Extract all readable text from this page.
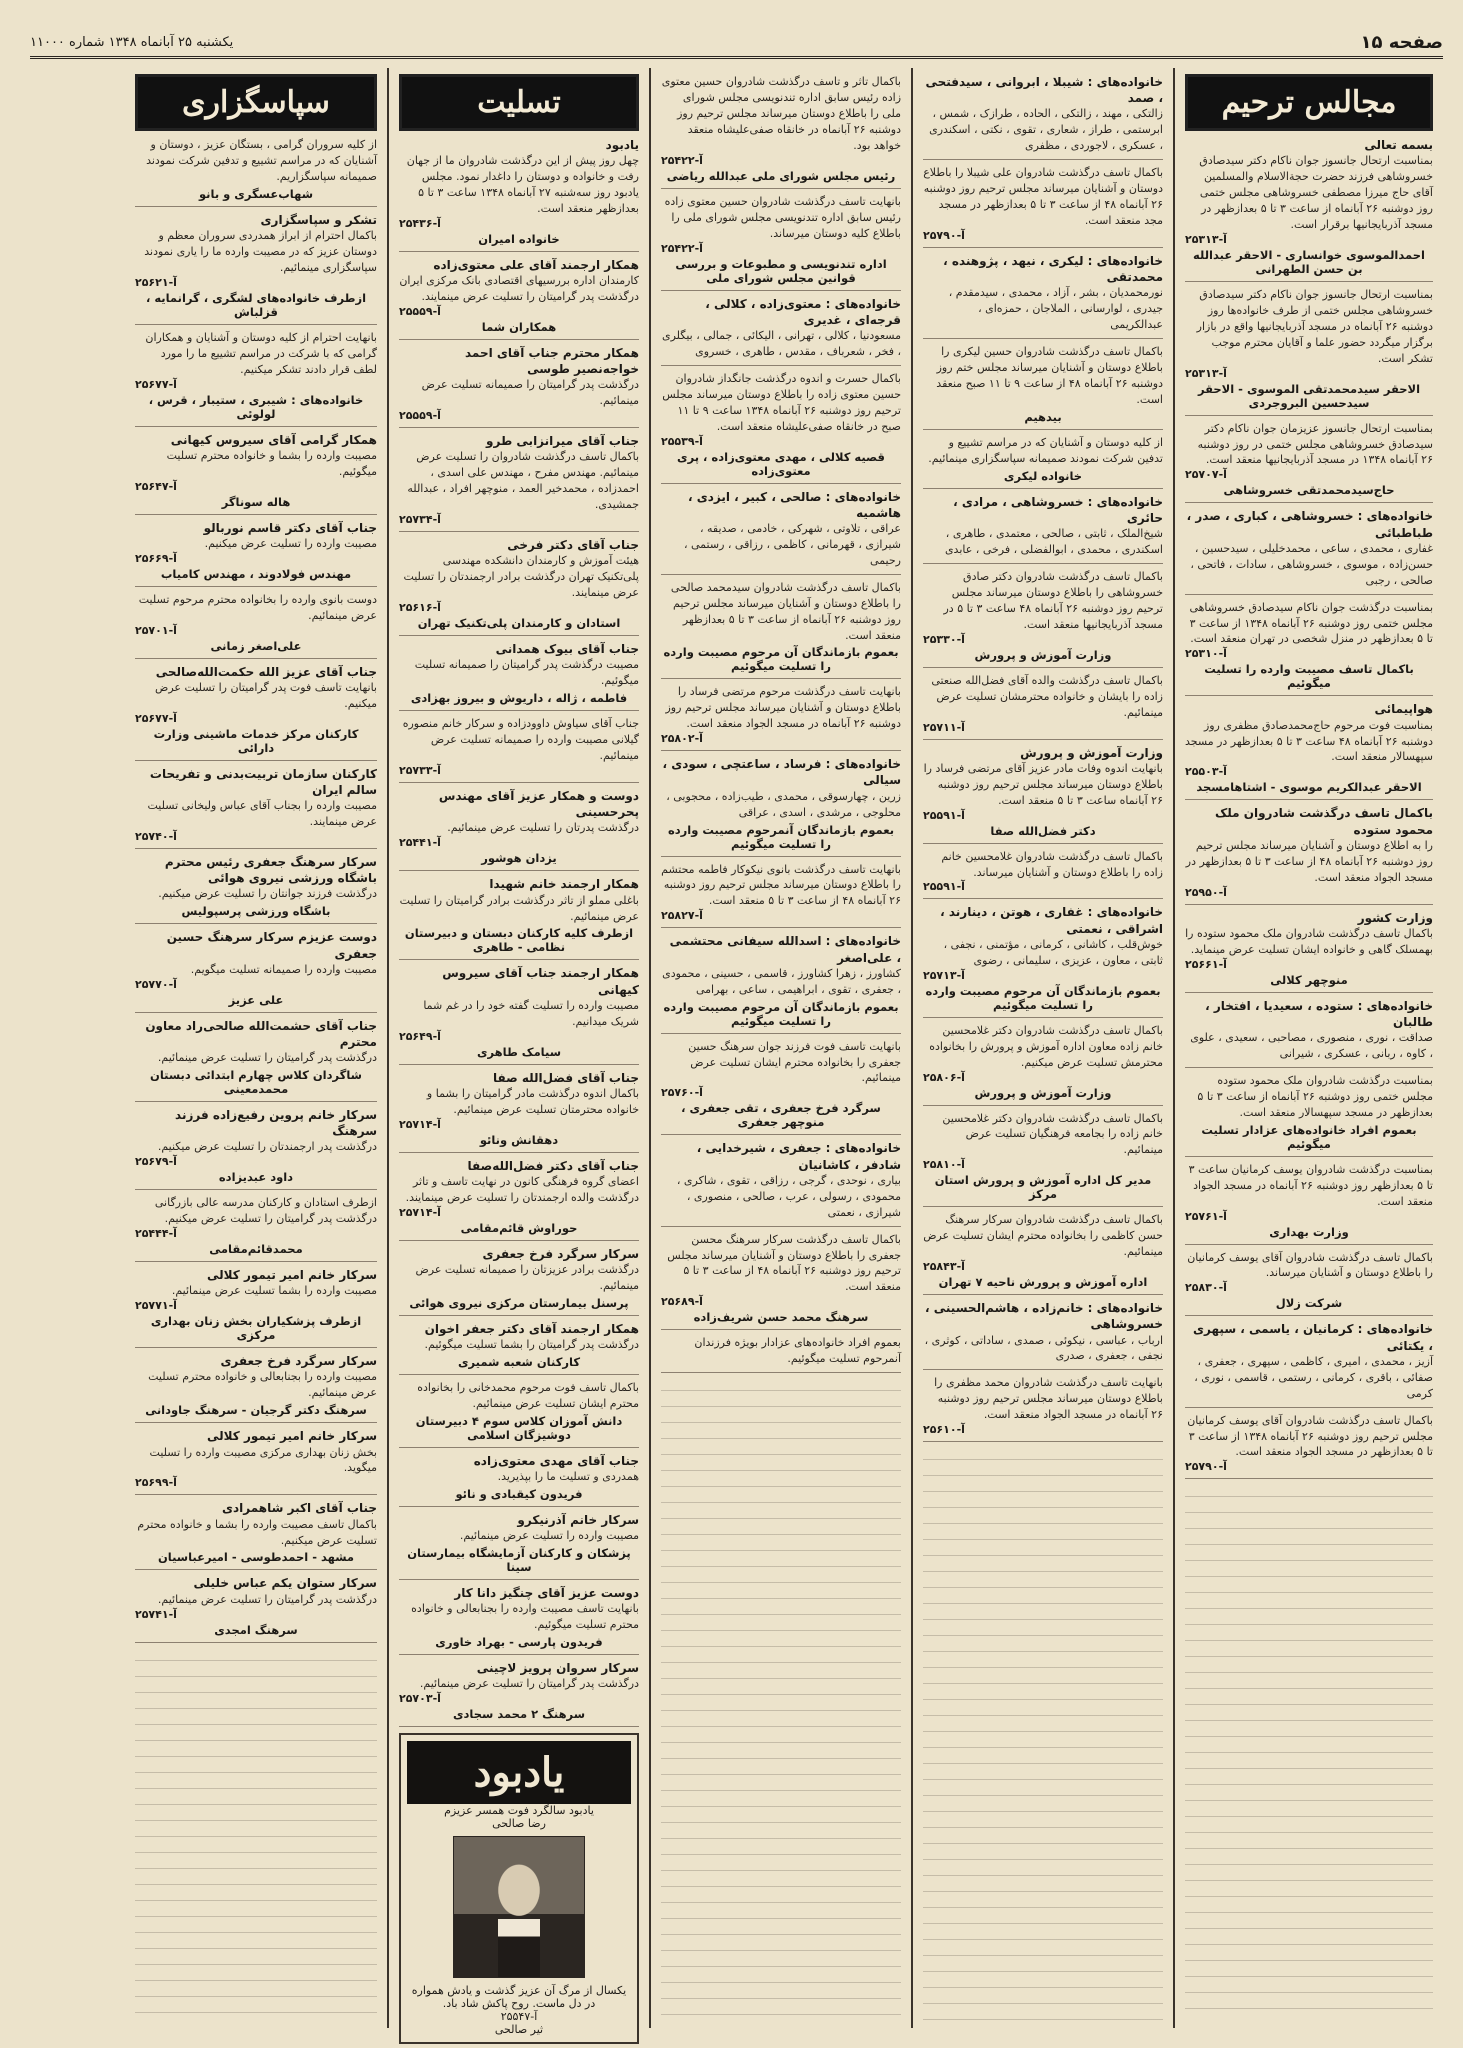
صفحه ۱۵
یکشنبه ۲۵ آبانماه ۱۳۴۸ شماره ۱۱۰۰۰
مجالس ترحیم
بسمه تعالی
بمناسبت ارتحال جانسوز جوان ناکام دکتر سیدصادق خسروشاهی فرزند حضرت حجةالاسلام والمسلمین آقای حاج میرزا مصطفی خسروشاهی مجلس ختمی روز دوشنبه ۲۶ آبانماه از ساعت ۳ تا ۵ بعدازظهر در مسجد آذربایجانیها برقرار است.
آ-۲۵۳۱۳
احمدالموسوی خوانساری - الاحقر عبدالله بن حسن الطهرانی
بمناسبت ارتحال جانسوز جوان ناکام دکتر سیدصادق خسروشاهی مجلس ختمی از طرف خانواده‌ها روز دوشنبه ۲۶ آبانماه در مسجد آذربایجانیها واقع در بازار برگزار میگردد حضور علما و آقایان محترم موجب تشکر است.
آ-۲۵۳۱۳
الاحقر سیدمحمدتقی الموسوی - الاحقر سیدحسین البروجردی
بمناسبت ارتحال جانسوز عزیزمان جوان ناکام دکتر سیدصادق خسروشاهی مجلس ختمی در روز دوشنبه ۲۶ آبانماه ۱۳۴۸ در مسجد آذربایجانیها منعقد است.
آ-۲۵۷۰۷
حاج‌سیدمحمدتقی خسروشاهی
خانواده‌های : خسروشاهی ، کباری ، صدر ، طباطبائی
غفاری ، محمدی ، ساعی ، محمدخلیلی ، سیدحسین ، حسن‌زاده ، موسوی ، خسروشاهی ، سادات ، فاتحی ، صالحی ، رجبی
بمناسبت درگذشت جوان ناکام سیدصادق خسروشاهی مجلس ختمی روز دوشنبه ۲۶ آبانماه ۱۳۴۸ از ساعت ۳ تا ۵ بعدازظهر در منزل شخصی در تهران منعقد است.
آ-۲۵۳۱۰
باکمال تاسف مصیبت وارده را تسلیت میگوئیم
هواپیمائی
بمناسبت فوت مرحوم حاج‌محمدصادق مظفری روز دوشنبه ۲۶ آبانماه ۴۸ ساعت ۳ تا ۵ بعدازظهر در مسجد سپهسالار منعقد است.
آ-۲۵۵۰۳
الاحقر عبدالکریم موسوی - اشتاهامسجد
باکمال تاسف درگذشت شادروان ملک محمود ستوده
را به اطلاع دوستان و آشنایان میرساند مجلس ترحیم روز دوشنبه ۲۶ آبانماه ۴۸ از ساعت ۳ تا ۵ بعدازظهر در مسجد الجواد منعقد است.
آ-۲۵۹۵۰
وزارت کشور
باکمال تاسف درگذشت شادروان ملک محمود ستوده را بهمسلک گاهی و خانواده ایشان تسلیت عرض مینماید.
آ-۲۵۶۶۱
منوچهر کلالی
خانواده‌های : ستوده ، سعیدیا ، افتخار ، طالبان
صداقت ، نوری ، منصوری ، مصاحبی ، سعیدی ، علوی ، کاوه ، ربانی ، عسکری ، شیرانی
بمناسبت درگذشت شادروان ملک محمود ستوده مجلس ختمی روز دوشنبه ۲۶ آبانماه از ساعت ۳ تا ۵ بعدازظهر در مسجد سپهسالار منعقد است.
بعموم افراد خانواده‌های عزادار تسلیت میگوئیم
بمناسبت درگذشت شادروان یوسف کرمانیان ساعت ۳ تا ۵ بعدازظهر روز دوشنبه ۲۶ آبانماه در مسجد الجواد منعقد است.
آ-۲۵۷۶۱
وزارت بهداری
باکمال تاسف درگذشت شادروان آقای یوسف کرمانیان را باطلاع دوستان و آشنایان میرساند.
آ-۲۵۸۳۰
شرکت زلال
خانواده‌های : کرمانیان ، یاسمی ، سپهری ، یکتائی
آزیز ، محمدی ، امیری ، کاظمی ، سپهری ، جعفری ، صفائی ، باقری ، کرمانی ، رستمی ، قاسمی ، نوری ، کرمی
باکمال تاسف درگذشت شادروان آقای یوسف کرمانیان مجلس ترحیم روز دوشنبه ۲۶ آبانماه ۱۳۴۸ از ساعت ۳ تا ۵ بعدازظهر در مسجد الجواد منعقد است.
آ-۲۵۷۹۰
خانواده‌های : شیبلا ، ابروانی ، سیدفتحی ، صمد
زالتکی ، مهند ، زالتکی ، الحاده ، طرازک ، شمس ، ابرستمی ، طراز ، شعاری ، تقوی ، نکتی ، اسکندری ، عسکری ، لاجوردی ، مظفری
باکمال تاسف درگذشت شادروان علی شیبلا را باطلاع دوستان و آشنایان میرساند مجلس ترحیم روز دوشنبه ۲۶ آبانماه ۴۸ از ساعت ۳ تا ۵ بعدازظهر در مسجد مجد منعقد است.
آ-۲۵۷۹۰
خانواده‌های : لیکری ، نیهد ، پژوهنده ، محمدتقی
نورمحمدیان ، بشر ، آزاد ، محمدی ، سیدمقدم ، جیدری ، لوارسانی ، الملاجان ، حمزه‌ای ، عبدالکریمی
باکمال تاسف درگذشت شادروان حسین لیکری را باطلاع دوستان و آشنایان میرساند مجلس ختم روز دوشنبه ۲۶ آبانماه ۴۸ از ساعت ۹ تا ۱۱ صبح منعقد است.
بیدهیم
از کلیه دوستان و آشنایان که در مراسم تشییع و تدفین شرکت نمودند صمیمانه سپاسگزاری مینمائیم.
خانواده لیکری
خانواده‌های : خسروشاهی ، مرادی ، حائری
شیخ‌الملک ، ثابتی ، صالحی ، معتمدی ، طاهری ، اسکندری ، محمدی ، ابوالفضلی ، فرخی ، عابدی
باکمال تاسف درگذشت شادروان دکتر صادق خسروشاهی را باطلاع دوستان میرساند مجلس ترحیم روز دوشنبه ۲۶ آبانماه ۴۸ ساعت ۳ تا ۵ در مسجد آذربایجانیها منعقد است.
آ-۲۵۳۳۰
وزارت آموزش و پرورش
باکمال تاسف درگذشت والده آقای فضل‌الله صنعتی زاده را بایشان و خانواده محترمشان تسلیت عرض مینمائیم.
آ-۲۵۷۱۱
وزارت آموزش و پرورش
بانهایت اندوه وفات مادر عزیز آقای مرتضی فرساد را باطلاع دوستان میرساند مجلس ترحیم روز دوشنبه ۲۶ آبانماه ساعت ۳ تا ۵ منعقد است.
آ-۲۵۵۹۱
دکتر فضل‌الله صفا
باکمال تاسف درگذشت شادروان غلامحسین خانم زاده را باطلاع دوستان و آشنایان میرساند.
آ-۲۵۵۹۱
خانواده‌های : غفاری ، هوتن ، دینارند ، اشراقی ، نعمتی
خوش‌قلب ، کاشانی ، کرمانی ، مؤتمنی ، نجفی ، ثابتی ، معاون ، عزیزی ، سلیمانی ، رضوی
آ-۲۵۷۱۳
بعموم بازماندگان آن مرحوم مصیبت وارده را تسلیت میگوئیم
باکمال تاسف درگذشت شادروان دکتر غلامحسین خانم زاده معاون اداره آموزش و پرورش را بخانواده محترمش تسلیت عرض میکنیم.
آ-۲۵۸۰۶
وزارت آموزش و پرورش
باکمال تاسف درگذشت شادروان دکتر غلامحسین خانم زاده را بجامعه فرهنگیان تسلیت عرض مینمائیم.
آ-۲۵۸۱۰
مدیر کل اداره آموزش و پرورش استان مرکز
باکمال تاسف درگذشت شادروان سرکار سرهنگ حسن کاظمی را بخانواده محترم ایشان تسلیت عرض مینمائیم.
آ-۲۵۸۴۳
اداره آموزش و پرورش ناحیه ۷ تهران
خانواده‌های : خانم‌زاده ، هاشم‌الحسینی ، خسروشاهی
ارباب ، عباسی ، نیکوئی ، صمدی ، ساداتی ، کوثری ، نجفی ، جعفری ، صدری
بانهایت تاسف درگذشت شادروان محمد مظفری را باطلاع دوستان میرساند مجلس ترحیم روز دوشنبه ۲۶ آبانماه در مسجد الجواد منعقد است.
آ-۲۵۶۱۰
باکمال تاثر و تاسف درگذشت شادروان حسین معتوی زاده رئیس سابق اداره تندنویسی مجلس شورای ملی را باطلاع دوستان میرساند مجلس ترحیم روز دوشنبه ۲۶ آبانماه در خانقاه صفی‌علیشاه منعقد خواهد بود.
آ-۲۵۴۲۲
رئیس مجلس شورای ملی عبدالله ریاضی
بانهایت تاسف درگذشت شادروان حسین معتوی زاده رئیس سابق اداره تندنویسی مجلس شورای ملی را باطلاع کلیه دوستان میرساند.
آ-۲۵۴۲۲
اداره تندنویسی و مطبوعات و بررسی قوانین مجلس شورای ملی
خانواده‌های : معتوی‌زاده ، کلالی ، قرجه‌ای ، غدیری
مسعودنیا ، کلالی ، تهرانی ، الیکائی ، جمالی ، بیگلری ، فخر ، شعرباف ، مقدس ، طاهری ، خسروی
باکمال حسرت و اندوه درگذشت جانگداز شادروان حسین معتوی زاده را باطلاع دوستان میرساند مجلس ترحیم روز دوشنبه ۲۶ آبانماه ۱۳۴۸ ساعت ۹ تا ۱۱ صبح در خانقاه صفی‌علیشاه منعقد است.
آ-۲۵۵۳۹
قصیه کلالی ، مهدی معتوی‌زاده ، پری معتوی‌زاده
خانواده‌های : صالحی ، کبیر ، ایزدی ، هاشمیه
عراقی ، تلاوتی ، شهرکی ، خادمی ، صدیقه ، شیرازی ، قهرمانی ، کاظمی ، رزاقی ، رستمی ، رحیمی
باکمال تاسف درگذشت شادروان سیدمحمد صالحی را باطلاع دوستان و آشنایان میرساند مجلس ترحیم روز دوشنبه ۲۶ آبانماه از ساعت ۳ تا ۵ بعدازظهر منعقد است.
بعموم بازماندگان آن مرحوم مصیبت وارده را تسلیت میگوئیم
بانهایت تاسف درگذشت مرحوم مرتضی فرساد را باطلاع دوستان و آشنایان میرساند مجلس ترحیم روز دوشنبه ۲۶ آبانماه در مسجد الجواد منعقد است.
آ-۲۵۸۰۲
خانواده‌های : فرساد ، ساعتچی ، سودی ، سیالی
زرین ، چهارسوقی ، محمدی ، طیب‌زاده ، محجوبی ، محلوجی ، مرشدی ، اسدی ، عراقی
بعموم بازماندگان آنمرحوم مصیبت وارده را تسلیت میگوئیم
بانهایت تاسف درگذشت بانوی نیکوکار فاطمه محتشم را باطلاع دوستان میرساند مجلس ترحیم روز دوشنبه ۲۶ آبانماه ۴۸ از ساعت ۳ تا ۵ منعقد است.
آ-۲۵۸۲۷
خانواده‌های : اسدالله سیفانی محتشمی ، علی‌اصغر
کشاورز ، زهرا کشاورز ، قاسمی ، حسینی ، محمودی ، جعفری ، تقوی ، ابراهیمی ، ساعی ، بهرامی
بعموم بازماندگان آن مرحوم مصیبت وارده را تسلیت میگوئیم
بانهایت تاسف فوت فرزند جوان سرهنگ حسین جعفری را بخانواده محترم ایشان تسلیت عرض مینمائیم.
آ-۲۵۷۶۰
سرگرد فرخ جعفری ، تقی جعفری ، منوچهر جعفری
خانواده‌های : جعفری ، شیرخدایی ، شادفر ، کاشانیان
بیاری ، نوحدی ، گرجی ، رزاقی ، تقوی ، شاکری ، محمودی ، رسولی ، عرب ، صالحی ، منصوری ، شیرازی ، نعمتی
باکمال تاسف درگذشت سرکار سرهنگ محسن جعفری را باطلاع دوستان و آشنایان میرساند مجلس ترحیم روز دوشنبه ۲۶ آبانماه ۴۸ از ساعت ۳ تا ۵ منعقد است.
آ-۲۵۶۸۹
سرهنگ محمد حسن شریف‌زاده
بعموم افراد خانواده‌های عزادار بویژه فرزندان آنمرحوم تسلیت میگوئیم.
تسلیت
یادبود
چهل روز پیش از این درگذشت شادروان ما از جهان رفت و خانواده و دوستان را داغدار نمود. مجلس یادبود روز سه‌شنبه ۲۷ آبانماه ۱۳۴۸ ساعت ۳ تا ۵ بعدازظهر منعقد است.
آ-۲۵۴۳۶
خانواده امیران
همکار ارجمند آقای علی معتوی‌زاده
کارمندان اداره بررسیهای اقتصادی بانک مرکزی ایران درگذشت پدر گرامیتان را تسلیت عرض مینمایند.
آ-۲۵۵۵۹
همکاران شما
همکار محترم جناب آقای احمد خواجه‌نصیر طوسی
درگذشت پدر گرامیتان را صمیمانه تسلیت عرض مینمائیم.
آ-۲۵۵۵۹
جناب آقای میرانزابی طرو
باکمال تاسف درگذشت شادروان را تسلیت عرض مینمائیم. مهندس مفرح ، مهندس علی اسدی ، احمدزاده ، محمدخیر العمد ، منوچهر افراد ، عبدالله جمشیدی.
آ-۲۵۷۳۴
جناب آقای دکتر فرخی
هیئت آموزش و کارمندان دانشکده مهندسی پلی‌تکنیک تهران درگذشت برادر ارجمندتان را تسلیت عرض مینمایند.
آ-۲۵۶۱۶
استادان و کارمندان پلی‌تکنیک تهران
جناب آقای بیوک همدانی
مصیبت درگذشت پدر گرامیتان را صمیمانه تسلیت میگوئیم.
فاطمه ، ژاله ، داریوش و بیروز بهزادی
جناب آقای سیاوش داوودزاده و سرکار خانم منصوره گیلانی مصیبت وارده را صمیمانه تسلیت عرض مینمائیم.
آ-۲۵۷۳۳
دوست و همکار عزیز آقای مهندس پحرحسینی
درگذشت پدرتان را تسلیت عرض مینمائیم.
آ-۲۵۴۴۱
یزدان هوشور
همکار ارجمند خانم شهیدا
باغلی مملو از تاثر درگذشت برادر گرامیتان را تسلیت عرض مینمائیم.
ازطرف کلیه کارکنان دبستان و دبیرستان نظامی - طاهری
همکار ارجمند جناب آقای سیروس کیهانی
مصیبت وارده را تسلیت گفته خود را در غم شما شریک میدانیم.
آ-۲۵۶۴۹
سیامک طاهری
جناب آقای فضل‌الله صفا
باکمال اندوه درگذشت مادر گرامیتان را بشما و خانواده محترمتان تسلیت عرض مینمائیم.
آ-۲۵۷۱۴
دهقانش ونائو
جناب آقای دکتر فضل‌الله‌صفا
اعضای گروه فرهنگی کانون در نهایت تاسف و تاثر درگذشت والده ارجمندتان را تسلیت عرض مینمایند.
آ-۲۵۷۱۴
حوراوش قائم‌مقامی
سرکار سرگرد فرخ جعفری
درگذشت برادر عزیزتان را صمیمانه تسلیت عرض مینمائیم.
پرسنل بیمارستان مرکزی نیروی هوائی
همکار ارجمند آقای دکتر جعفر اخوان
درگذشت پدر گرامیتان را بشما تسلیت میگوئیم.
کارکنان شعبه شمیری
باکمال تاسف فوت مرحوم محمدخانی را بخانواده محترم ایشان تسلیت عرض مینمائیم.
دانش آموزان کلاس سوم ۴ دبیرستان دوشیزگان اسلامی
جناب آقای مهدی معتوی‌زاده
همدردی و تسلیت ما را بپذیرید.
فریدون کیقبادی و نائو
سرکار خانم آذرنیکرو
مصیبت وارده را تسلیت عرض مینمائیم.
پزشکان و کارکنان آزمایشگاه بیمارستان سینا
دوست عزیز آقای چنگیز دانا کار
بانهایت تاسف مصیبت وارده را بجنابعالی و خانواده محترم تسلیت میگوئیم.
فریدون پارسی - بهراد خاوری
سرکار سروان پرویز لاچینی
درگذشت پدر گرامیتان را تسلیت عرض مینمائیم.
آ-۲۵۷۰۳
سرهنگ ۲ محمد سجادی
یادبود
یادبود سالگرد فوت همسر عزیزم
رضا صالحی
یکسال از مرگ آن عزیز گذشت و یادش همواره در دل ماست. روح پاکش شاد باد.
آ-۲۵۵۴۷
ثیر صالحی
سپاسگزاری
از کلیه سروران گرامی ، بستگان عزیز ، دوستان و آشنایان که در مراسم تشییع و تدفین شرکت نمودند صمیمانه سپاسگزاریم.
شهاب‌عسگری و بانو
تشکر و سپاسگزاری
باکمال احترام از ابراز همدردی سروران معظم و دوستان عزیز که در مصیبت وارده ما را یاری نمودند سپاسگزاری مینمائیم.
آ-۲۵۶۲۱
ازطرف خانواده‌های لشگری ، گرانمایه ، قزلباش
بانهایت احترام از کلیه دوستان و آشنایان و همکاران گرامی که با شرکت در مراسم تشییع ما را مورد لطف قرار دادند تشکر میکنیم.
آ-۲۵۶۷۷
خانواده‌های : شیبری ، ستیبار ، قرس ، لولوئی
همکار گرامی آقای سیروس کیهانی
مصیبت وارده را بشما و خانواده محترم تسلیت میگوئیم.
آ-۲۵۶۴۷
هاله سوناگر
جناب آقای دکتر قاسم نوربالو
مصیبت وارده را تسلیت عرض میکنیم.
آ-۲۵۶۶۹
مهندس فولادوند ، مهندس کامیاب
دوست بانوی وارده را بخانواده محترم مرحوم تسلیت عرض مینمائیم.
آ-۲۵۷۰۱
علی‌اصغر زمانی
جناب آقای عزیز الله حکمت‌الله‌صالحی
بانهایت تاسف فوت پدر گرامیتان را تسلیت عرض میکنیم.
آ-۲۵۶۷۷
کارکنان مرکز خدمات ماشینی وزارت دارائی
کارکنان سازمان تربیت‌بدنی و تفریحات سالم ایران
مصیبت وارده را بجناب آقای عباس ولیخانی تسلیت عرض مینمایند.
آ-۲۵۷۴۰
سرکار سرهنگ جعفری رئیس محترم باشگاه ورزشی نیروی هوائی
درگذشت فرزند جوانتان را تسلیت عرض میکنیم.
باشگاه ورزشی پرسپولیس
دوست عزیزم سرکار سرهنگ حسین جعفری
مصیبت وارده را صمیمانه تسلیت میگویم.
آ-۲۵۷۷۰
علی عزیز
جناب آقای حشمت‌الله صالحی‌راد معاون محترم
درگذشت پدر گرامیتان را تسلیت عرض مینمائیم.
شاگردان کلاس چهارم ابتدائی دبستان محمدمعینی
سرکار خانم پروین رفیع‌زاده فرزند سرهنگ
درگذشت پدر ارجمندتان را تسلیت عرض میکنیم.
آ-۲۵۶۷۹
داود عبدیزاده
ازطرف استادان و کارکنان مدرسه عالی بازرگانی درگذشت پدر گرامیتان را تسلیت عرض میکنیم.
آ-۲۵۴۴۴
محمدقائم‌مقامی
سرکار خانم امیر تیمور کلالی
مصیبت وارده را بشما تسلیت عرض مینمائیم.
آ-۲۵۷۷۱
ازطرف پزشکیاران بخش زنان بهداری مرکزی
سرکار سرگرد فرخ جعفری
مصیبت وارده را بجنابعالی و خانواده محترم تسلیت عرض مینمائیم.
سرهنگ دکتر گرجیان - سرهنگ جاودانی
سرکار خانم امیر تیمور کلالی
بخش زنان بهداری مرکزی مصیبت وارده را تسلیت میگوید.
آ-۲۵۶۹۹
جناب آقای اکبر شاهمرادی
باکمال تاسف مصیبت وارده را بشما و خانواده محترم تسلیت عرض میکنیم.
مشهد - احمدطوسی - امیرعباسیان
سرکار ستوان یکم عباس خلیلی
درگذشت پدر گرامیتان را تسلیت عرض مینمائیم.
آ-۲۵۷۴۱
سرهنگ امجدی
